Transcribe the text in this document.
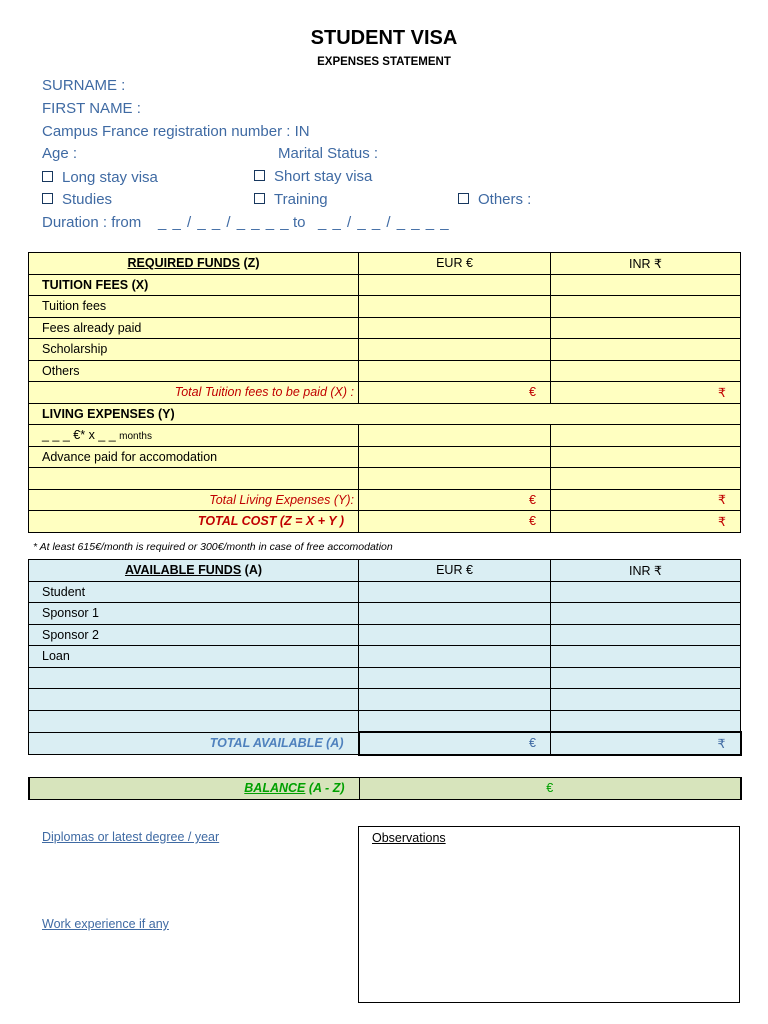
STUDENT VISA
EXPENSES STATEMENT
SURNAME :
FIRST NAME :
Campus France registration number : IN
Age :	Marital Status :
Long stay visa	Short stay visa
Studies	Training	Others :
Duration : from _ _ / _ _ / _ _ _ _ to _ _ / _ _ / _ _ _ _
REQUIRED FUNDS (Z)	EUR €	INR ₹
TUITION FEES (X)		
Tuition fees		
Fees already paid		
Scholarship		
Others		
Total Tuition fees to be paid (X) :	€	₹
LIVING EXPENSES (Y)		
_ _ _ €* x _ _ months		
Advance paid for accomodation		

Total Living Expenses (Y):	€	₹
TOTAL COST (Z = X + Y )	€	₹
* At least 615€/month is required or 300€/month in case of free accomodation
AVAILABLE FUNDS (A)	EUR €	INR ₹
Student		
Sponsor 1		
Sponsor 2		
Loan		

TOTAL AVAILABLE (A)	€	₹
BALANCE (A - Z)	€
Diplomas or latest degree / year
Work experience if any
Observations
